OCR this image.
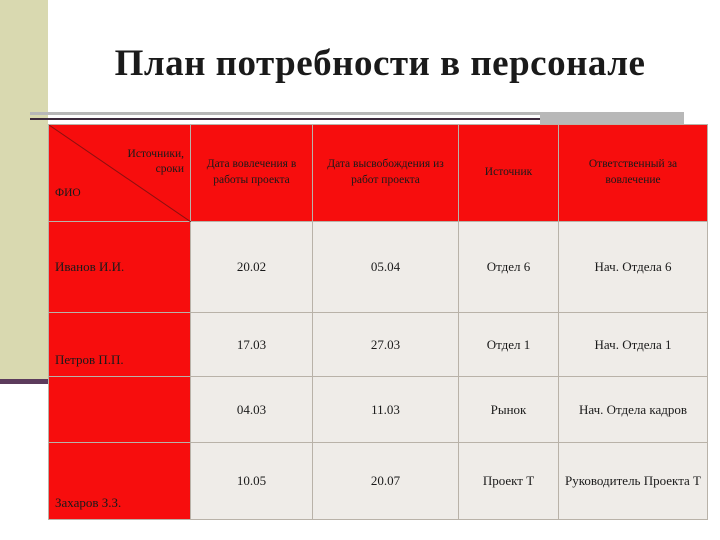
План потребности в персонале
Источники,
сроки
ФИО	Дата вовлечения в работы проекта	Дата высвобождения из работ проекта	Источник	Ответственный за вовлечение
Иванов И.И.	20.02	05.04	Отдел 6	Нач. Отдела 6
Петров П.П.	17.03	27.03	Отдел 1	Нач. Отдела 1
	04.03	11.03	Рынок	Нач. Отдела кадров
Захаров З.З.	10.05	20.07	Проект Т	Руководитель Проекта Т
